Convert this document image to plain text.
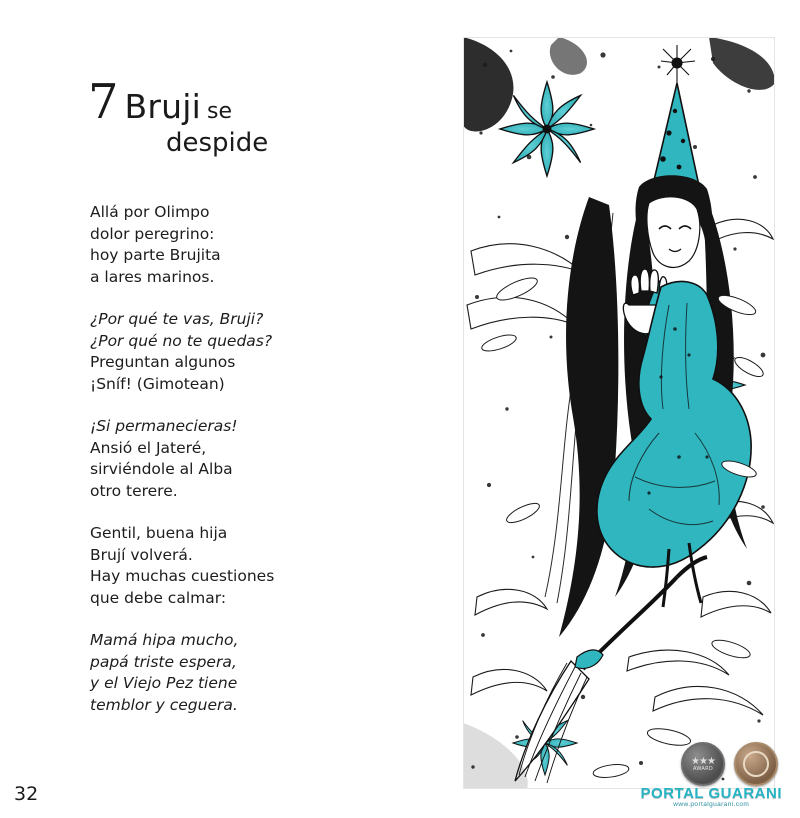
7 Bruji se
despide
Allá por Olimpo
dolor peregrino:
hoy parte Brujita
a lares marinos.
¿Por qué te vas, Bruji?
¿Por qué no te quedas?
Preguntan algunos
¡Sníf! (Gimotean)
¡Si permanecieras!
Ansió el Jateré,
sirviéndole al Alba
otro terere.
Gentil, buena hija
Brují volverá.
Hay muchas cuestiones
que debe calmar:
Mamá hipa mucho,
papá triste espera,
y el Viejo Pez tiene
temblor y ceguera.
32
★★★
AWARD
PORTAL GUARANI
www.portalguarani.com
